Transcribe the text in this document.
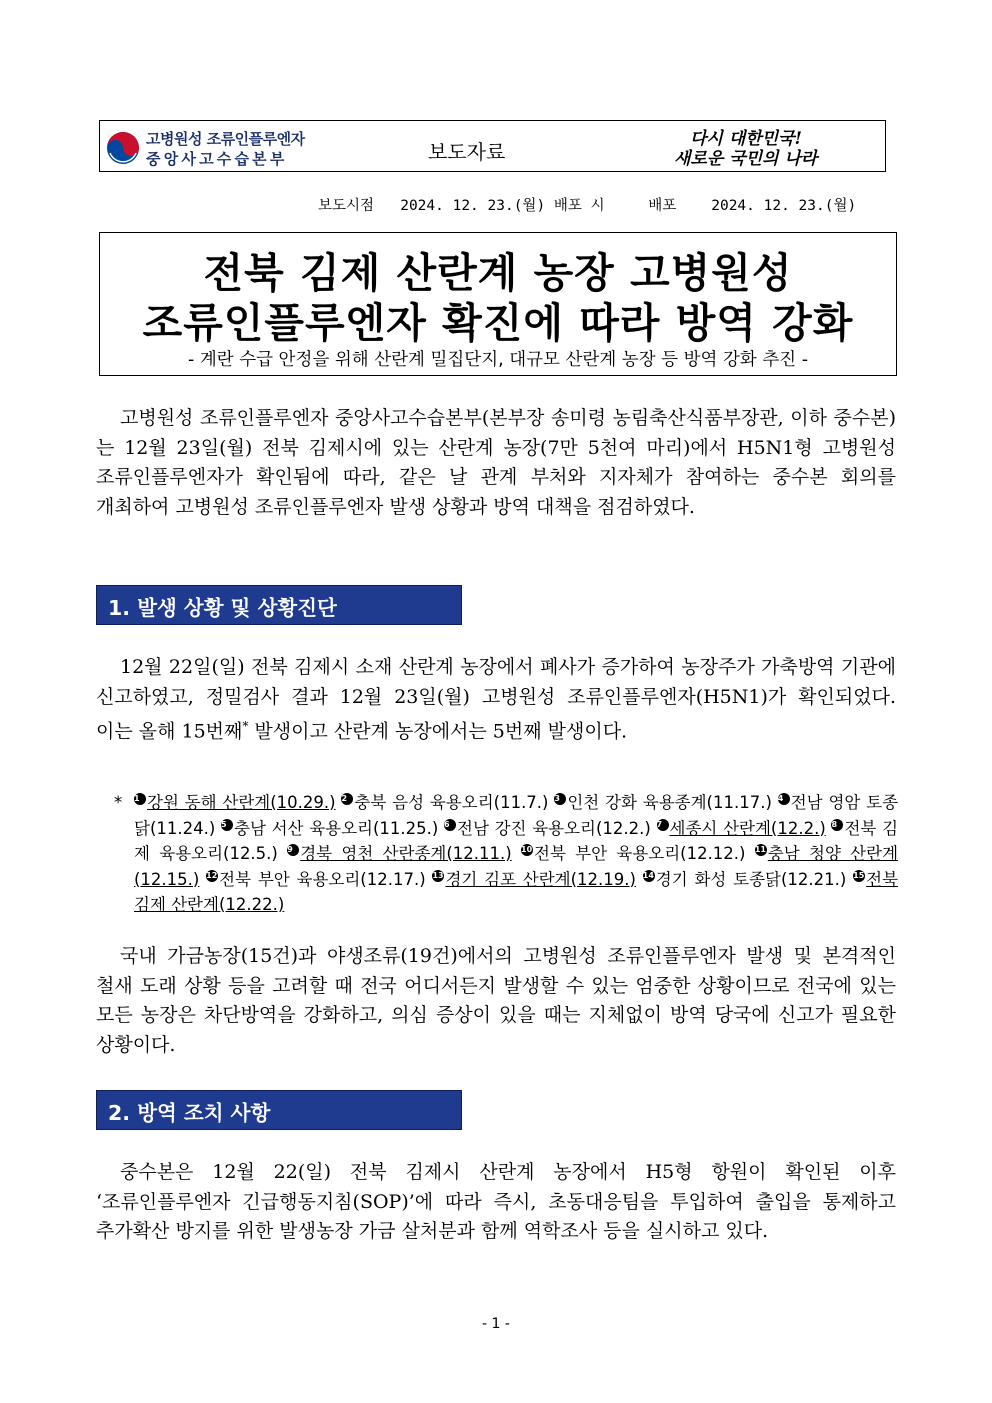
고병원성 조류인플루엔자
중앙사고수습본부	보도자료
다시 대한민국!
새로운 국민의 나라
보도시점   2024. 12. 23.(월) 배포 시     배포    2024. 12. 23.(월)
전북 김제 산란계 농장 고병원성
조류인플루엔자 확진에 따라 방역 강화
- 계란 수급 안정을 위해 산란계 밀집단지, 대규모 산란계 농장 등 방역 강화 추진 -
고병원성 조류인플루엔자 중앙사고수습본부(본부장 송미령 농림축산식품부장관, 이하 중수본)는 12월 23일(월) 전북 김제시에 있는 산란계 농장(7만 5천여 마리)에서 H5N1형 고병원성 조류인플루엔자가 확인됨에 따라, 같은 날 관계 부처와 지자체가 참여하는 중수본 회의를 개최하여 고병원성 조류인플루엔자 발생 상황과 방역 대책을 점검하였다.
1. 발생 상황 및 상황진단
12월 22일(일) 전북 김제시 소재 산란계 농장에서 폐사가 증가하여 농장주가 가축방역 기관에 신고하였고, 정밀검사 결과 12월 23일(월) 고병원성 조류인플루엔자(H5N1)가 확인되었다. 이는 올해 15번째* 발생이고 산란계 농장에서는 5번째 발생이다.
* 1 강원 동해 산란계(10.29.) 2 충북 음성 육용오리(11.7.) 3 인천 강화 육용종계(11.17.) 4 전남 영암 토종닭(11.24.) 5 충남 서산 육용오리(11.25.) 6 전남 강진 육용오리(12.2.) 7 세종시 산란계(12.2.) 8 전북 김제 육용오리(12.5.) 9 경북 영천 산란종계(12.11.) 10 전북 부안 육용오리(12.12.) 11 충남 청양 산란계(12.15.) 12 전북 부안 육용오리(12.17.) 13 경기 김포 산란계(12.19.) 14 경기 화성 토종닭(12.21.) 15 전북 김제 산란계(12.22.)
국내 가금농장(15건)과 야생조류(19건)에서의 고병원성 조류인플루엔자 발생 및 본격적인 철새 도래 상황 등을 고려할 때 전국 어디서든지 발생할 수 있는 엄중한 상황이므로 전국에 있는 모든 농장은 차단방역을 강화하고, 의심 증상이 있을 때는 지체없이 방역 당국에 신고가 필요한 상황이다.
2. 방역 조치 사항
중수본은 12월 22(일) 전북 김제시 산란계 농장에서 H5형 항원이 확인된 이후 ‘조류인플루엔자 긴급행동지침(SOP)’에 따라 즉시, 초동대응팀을 투입하여 출입을 통제하고 추가확산 방지를 위한 발생농장 가금 살처분과 함께 역학조사 등을 실시하고 있다.
- 1 -
